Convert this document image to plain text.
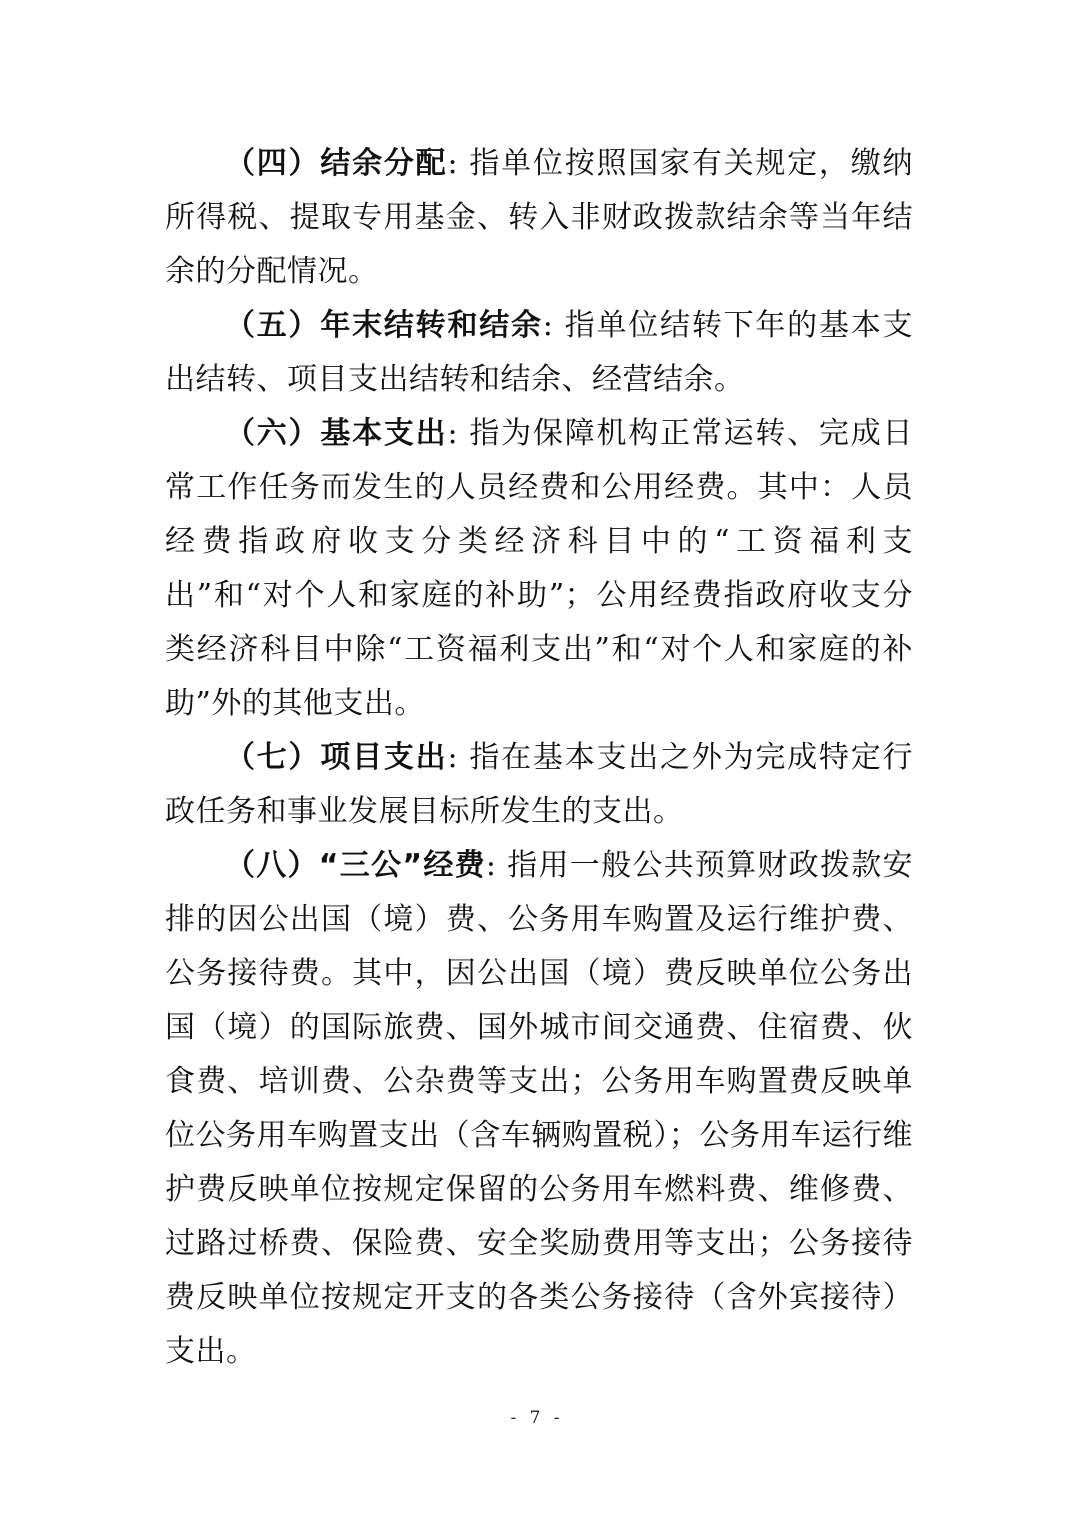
（四）结余分配: 指单位按照国家有关规定，缴纳所得税、提取专用基金、转入非财政拨款结余等当年结余的分配情况。

（五）年末结转和结余: 指单位结转下年的基本支出结转、项目支出结转和结余、经营结余。

（六）基本支出: 指为保障机构正常运转、完成日常工作任务而发生的人员经费和公用经费。其中：人员经费指政府收支分类经济科目中的“工资福利支出”和“对个人和家庭的补助”；公用经费指政府收支分类经济科目中除“工资福利支出”和“对个人和家庭的补助”外的其他支出。

（七）项目支出: 指在基本支出之外为完成特定行政任务和事业发展目标所发生的支出。

（八）“三公”经费: 指用一般公共预算财政拨款安排的因公出国（境）费、公务用车购置及运行维护费、公务接待费。其中，因公出国（境）费反映单位公务出国（境）的国际旅费、国外城市间交通费、住宿费、伙食费、培训费、公杂费等支出；公务用车购置费反映单位公务用车购置支出（含车辆购置税）；公务用车运行维护费反映单位按规定保留的公务用车燃料费、维修费、过路过桥费、保险费、安全奖励费用等支出；公务接待费反映单位按规定开支的各类公务接待（含外宾接待）支出。

- 7 -
